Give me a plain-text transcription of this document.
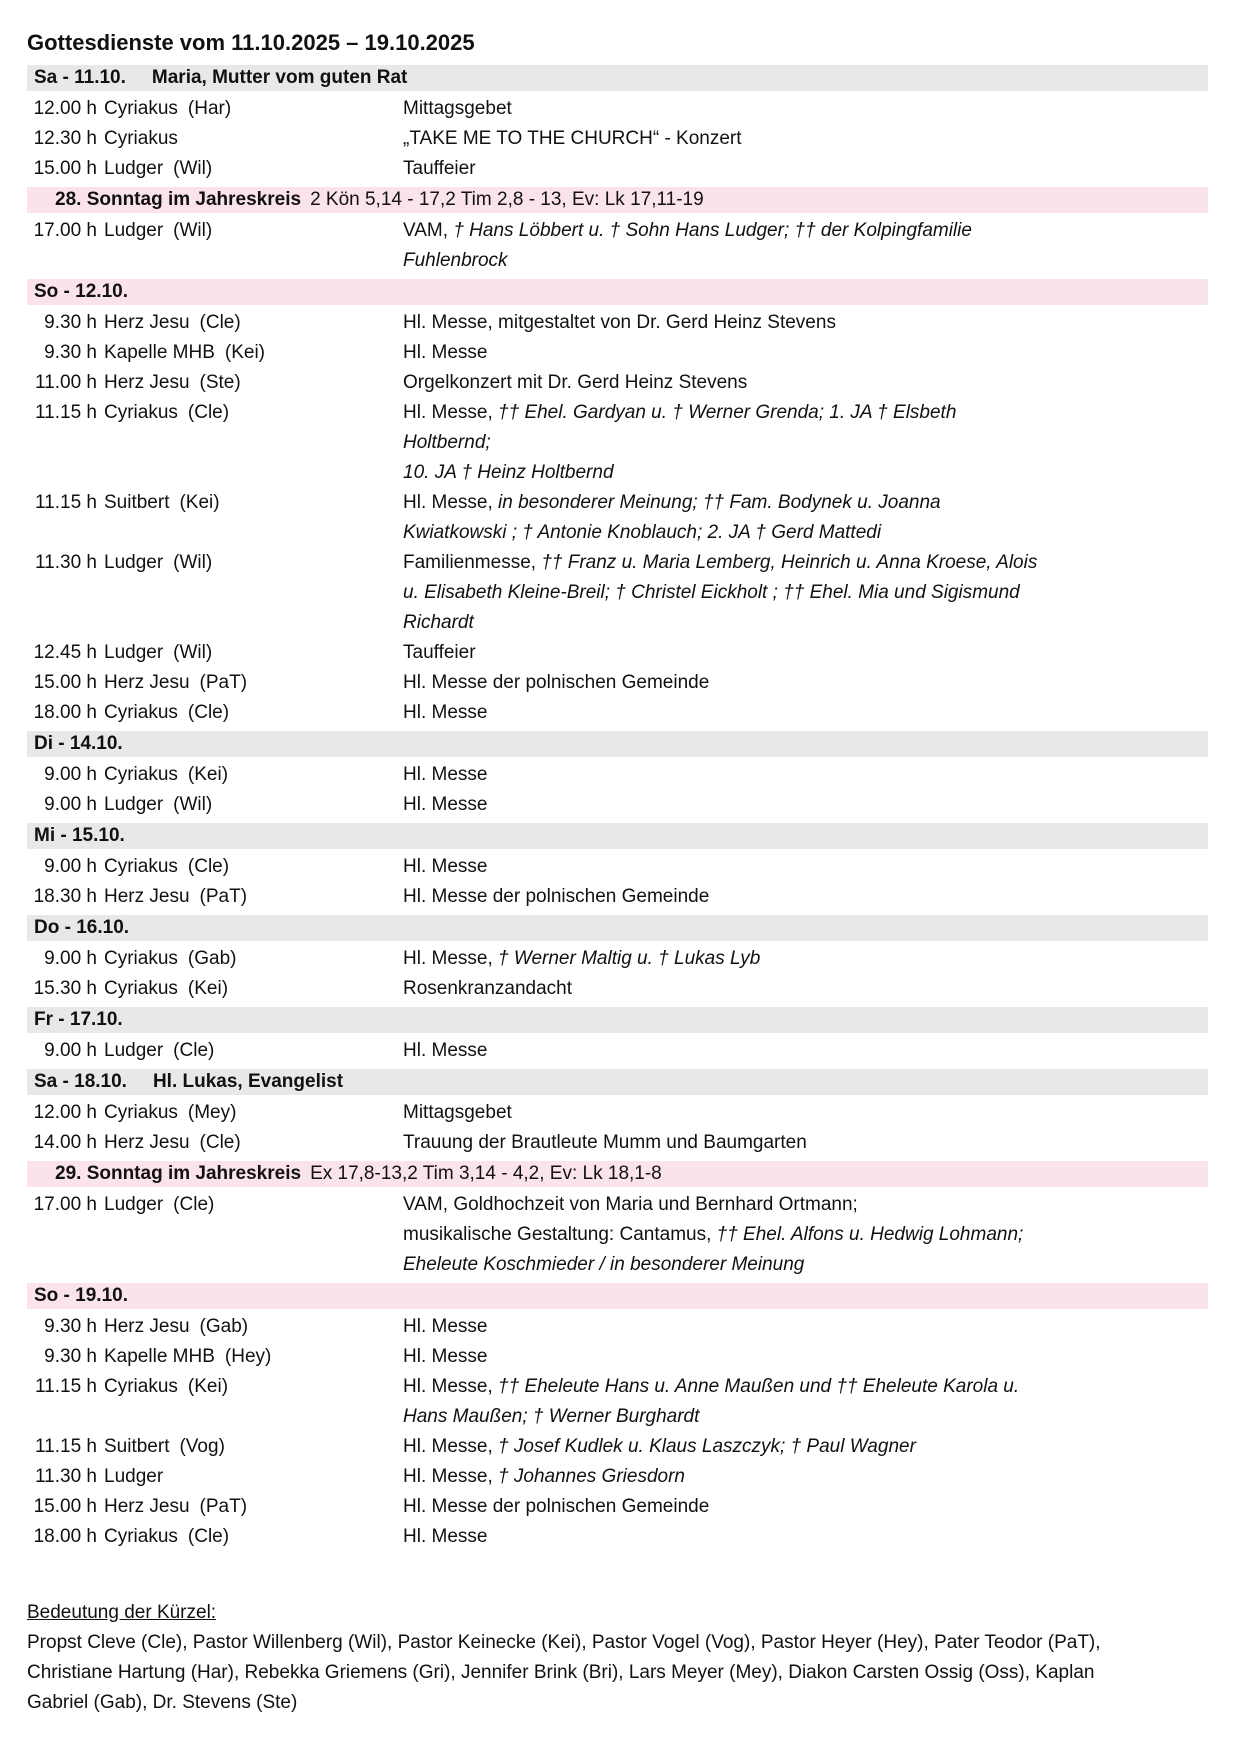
Gottesdienste vom 11.10.2025 – 19.10.2025
Sa - 11.10. Maria, Mutter vom guten Rat
12.00 h Cyriakus (Har)	Mittagsgebet
12.30 h Cyriakus	„TAKE ME TO THE CHURCH“ - Konzert
15.00 h Ludger (Wil)	Tauffeier
28. Sonntag im Jahreskreis 2 Kön 5,14 - 17,2 Tim 2,8 - 13, Ev: Lk 17,11-19
17.00 h Ludger (Wil)	VAM, † Hans Löbbert u. † Sohn Hans Ludger; †† der Kolpingfamilie
Fuhlenbrock
So - 12.10.
9.30 h Herz Jesu (Cle)	Hl. Messe, mitgestaltet von Dr. Gerd Heinz Stevens
9.30 h Kapelle MHB (Kei)	Hl. Messe
11.00 h Herz Jesu (Ste)	Orgelkonzert mit Dr. Gerd Heinz Stevens
11.15 h Cyriakus (Cle)	Hl. Messe, †† Ehel. Gardyan u. † Werner Grenda; 1. JA † Elsbeth
Holtbernd;
10. JA † Heinz Holtbernd
11.15 h Suitbert (Kei)	Hl. Messe, in besonderer Meinung; †† Fam. Bodynek u. Joanna
Kwiatkowski ; † Antonie Knoblauch; 2. JA † Gerd Mattedi
11.30 h Ludger (Wil)	Familienmesse, †† Franz u. Maria Lemberg, Heinrich u. Anna Kroese, Alois
u. Elisabeth Kleine-Breil; † Christel Eickholt ; †† Ehel. Mia und Sigismund
Richardt
12.45 h Ludger (Wil)	Tauffeier
15.00 h Herz Jesu (PaT)	Hl. Messe der polnischen Gemeinde
18.00 h Cyriakus (Cle)	Hl. Messe
Di - 14.10.
9.00 h Cyriakus (Kei)	Hl. Messe
9.00 h Ludger (Wil)	Hl. Messe
Mi - 15.10.
9.00 h Cyriakus (Cle)	Hl. Messe
18.30 h Herz Jesu (PaT)	Hl. Messe der polnischen Gemeinde
Do - 16.10.
9.00 h Cyriakus (Gab)	Hl. Messe, † Werner Maltig u. † Lukas Lyb
15.30 h Cyriakus (Kei)	Rosenkranzandacht
Fr - 17.10.
9.00 h Ludger (Cle)	Hl. Messe
Sa - 18.10. Hl. Lukas, Evangelist
12.00 h Cyriakus (Mey)	Mittagsgebet
14.00 h Herz Jesu (Cle)	Trauung der Brautleute Mumm und Baumgarten
29. Sonntag im Jahreskreis Ex 17,8-13,2 Tim 3,14 - 4,2, Ev: Lk 18,1-8
17.00 h Ludger (Cle)	VAM, Goldhochzeit von Maria und Bernhard Ortmann;
musikalische Gestaltung: Cantamus, †† Ehel. Alfons u. Hedwig Lohmann;
Eheleute Koschmieder / in besonderer Meinung
So - 19.10.
9.30 h Herz Jesu (Gab)	Hl. Messe
9.30 h Kapelle MHB (Hey)	Hl. Messe
11.15 h Cyriakus (Kei)	Hl. Messe, †† Eheleute Hans u. Anne Maußen und †† Eheleute Karola u.
Hans Maußen; † Werner Burghardt
11.15 h Suitbert (Vog)	Hl. Messe, † Josef Kudlek u. Klaus Laszczyk; † Paul Wagner
11.30 h Ludger	Hl. Messe, † Johannes Griesdorn
15.00 h Herz Jesu (PaT)	Hl. Messe der polnischen Gemeinde
18.00 h Cyriakus (Cle)	Hl. Messe
Bedeutung der Kürzel:
Propst Cleve (Cle), Pastor Willenberg (Wil), Pastor Keinecke (Kei), Pastor Vogel (Vog), Pastor Heyer (Hey), Pater Teodor (PaT),
Christiane Hartung (Har), Rebekka Griemens (Gri), Jennifer Brink (Bri), Lars Meyer (Mey), Diakon Carsten Ossig (Oss), Kaplan
Gabriel (Gab), Dr. Stevens (Ste)
